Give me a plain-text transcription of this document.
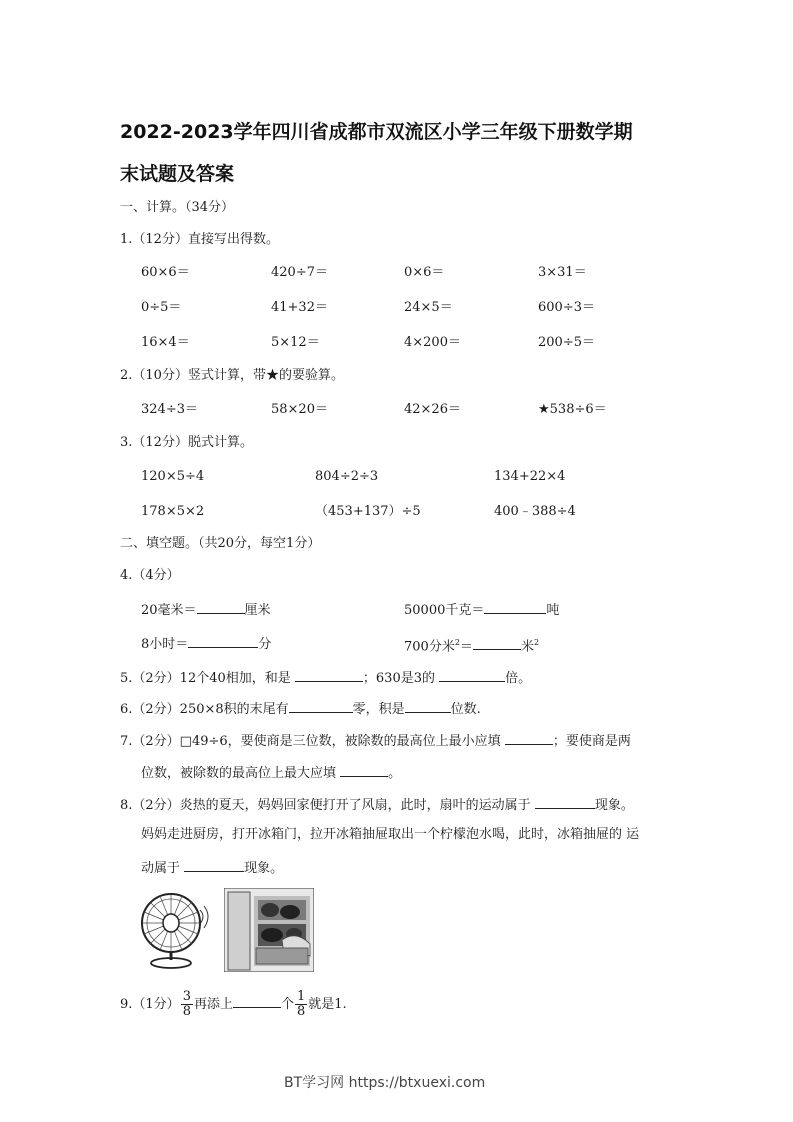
2022-2023学年四川省成都市双流区小学三年级下册数学期
末试题及答案
一、计算。（34分）
1.（12分）直接写出得数。
60×6＝	420÷7＝	0×6＝	3×31＝
0÷5＝	41+32＝	24×5＝	600÷3＝
16×4＝	5×12＝	4×200＝	200÷5＝
2.（10分）竖式计算，带★的要验算。
324÷3＝	58×20＝	42×26＝	★538÷6＝
3.（12分）脱式计算。
120×5÷4	804÷2÷3	134+22×4
178×5×2	（453+137）÷5	400﹣388÷4
二、填空题。（共20分，每空1分）
4.（4分）
20毫米＝	厘米	50000千克＝	吨
8小时＝	分	700分米$^2$＝	米$^2$
5.（2分）12个40相加，和是	；630是3的	倍。
6.（2分）250×8积的末尾有	零，积是	位数.
7.（2分）□49÷6，要使商是三位数，被除数的最高位上最小应填	；要使商是两
位数，被除数的最高位上最大应填	。
8.（2分）炎热的夏天，妈妈回家便打开了风扇，此时，扇叶的运动属于	现象。
妈妈走进厨房，打开冰箱门，拉开冰箱抽屉取出一个柠檬泡水喝，此时，冰箱抽屉的 运
动属于	现象。
9.（1分） $\frac{3}{8}$ 再添上	个 $\frac{1}{8}$ 就是1.
BT学习网 https://btxuexi.com
